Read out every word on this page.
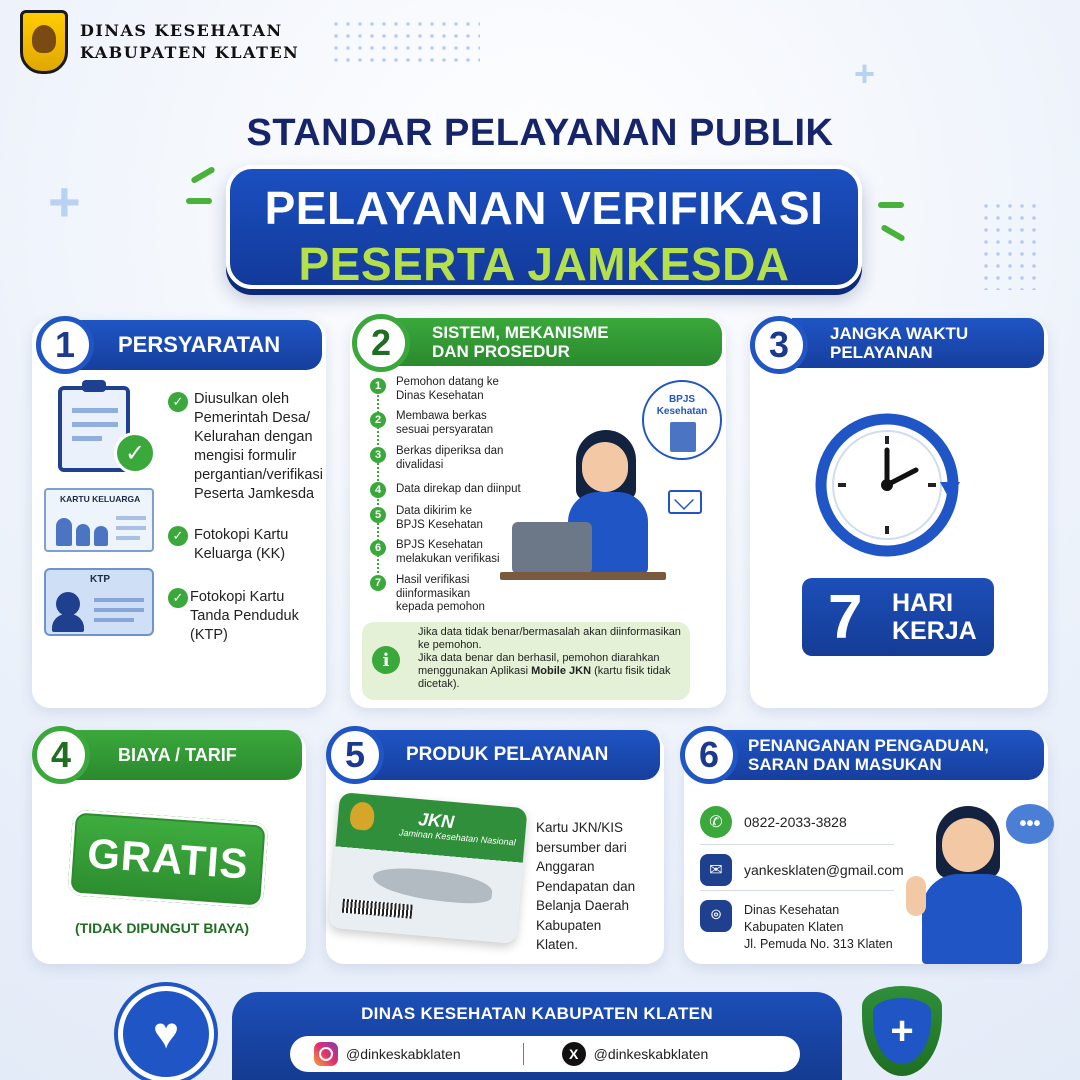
+
+
DINAS KESEHATAN
KABUPATEN KLATEN
STANDAR PELAYANAN PUBLIK
PELAYANAN VERIFIKASI
PESERTA JAMKESDA
PERSYARATAN
1
✓
KARTU KELUARGA
KTP
✓ Diusulkan oleh Pemerintah Desa/ Kelurahan dengan mengisi formulir pergantian/verifikasi Peserta Jamkesda
✓ Fotokopi Kartu Keluarga (KK)
✓ Fotokopi Kartu Tanda Penduduk (KTP)
SISTEM, MEKANISME
DAN PROSEDUR
2
1	Pemohon datang ke Dinas Kesehatan
2	Membawa berkas sesuai persyaratan
3	Berkas diperiksa dan divalidasi
4	Data direkap dan diinput
5	Data dikirim ke BPJS Kesehatan
6	BPJS Kesehatan melakukan verifikasi
7	Hasil verifikasi diinformasikan kepada pemohon
BPJS Kesehatan
i
Jika data tidak benar/bermasalah akan diinformasikan ke pemohon.
Jika data benar dan berhasil, pemohon diarahkan menggunakan Aplikasi Mobile JKN (kartu fisik tidak dicetak).
JANGKA WAKTU
PELAYANAN
3
7	HARI
KERJA
BIAYA / TARIF
4
GRATIS
(TIDAK DIPUNGUT BIAYA)
PRODUK PELAYANAN
5
JKN
Jaminan Kesehatan Nasional Kartu JKN/KIS bersumber dari Anggaran Pendapatan dan Belanja Daerah Kabupaten Klaten.
PENANGANAN PENGADUAN,
SARAN DAN MASUKAN
6
✆	0822-2033-3828
✉	yankesklaten@gmail.com
⌾	Dinas Kesehatan
Kabupaten Klaten
Jl. Pemuda No. 313 Klaten
•••
♥	DINAS KESEHATAN KABUPATEN KLATEN
@dinkeskabklaten	X	@dinkeskabklaten
+
